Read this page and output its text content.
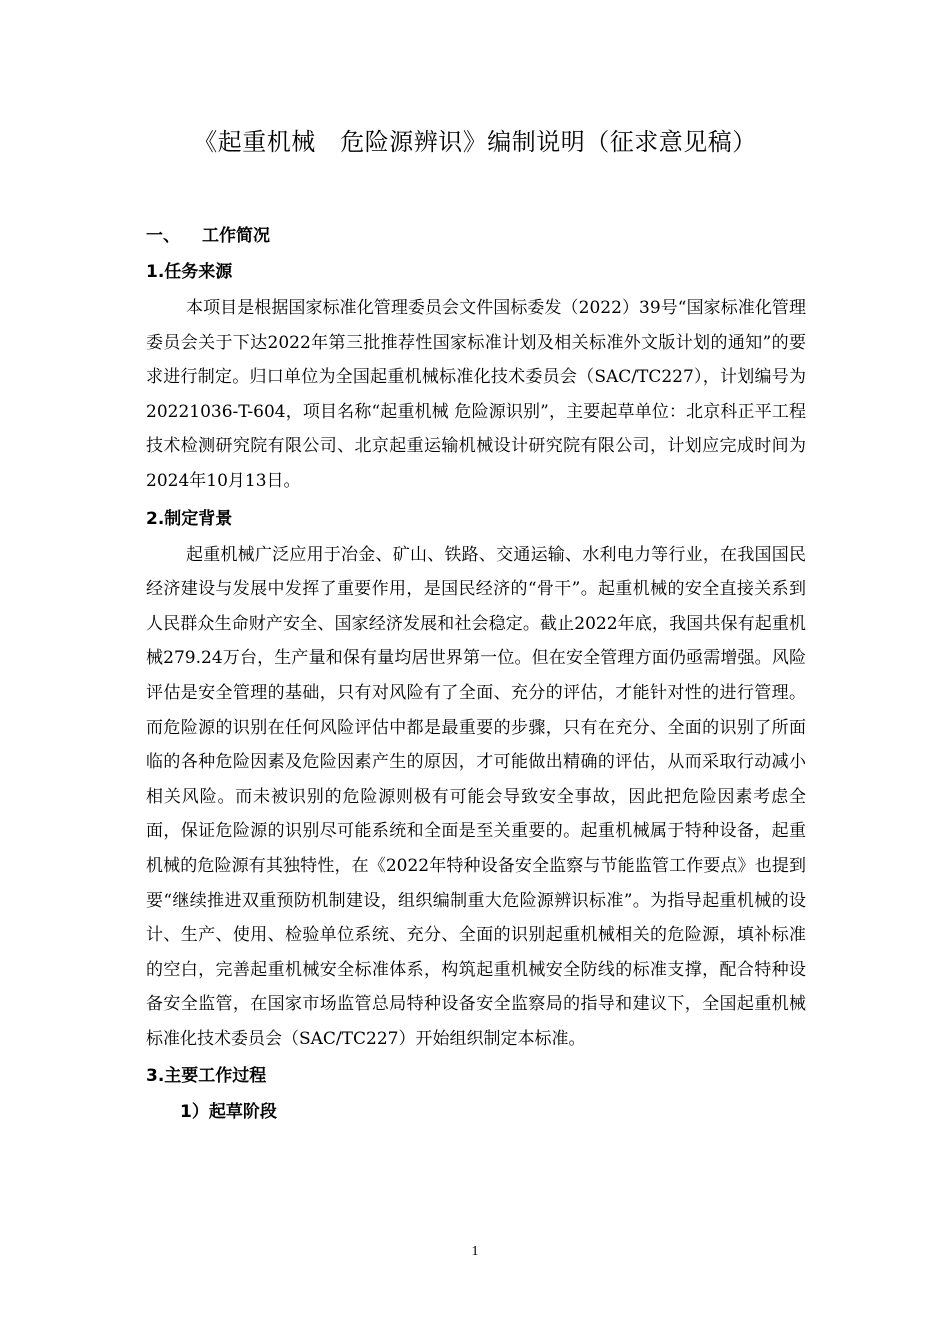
《起重机械　危险源辨识》编制说明（征求意见稿）
一、 工作简况
1.任务来源

本项目是根据国家标准化管理委员会文件国标委发（2022）39号“国家标准化管理委员会关于下达2022年第三批推荐性国家标准计划及相关标准外文版计划的通知”的要求进行制定。归口单位为全国起重机械标准化技术委员会（SAC/TC227），计划编号为20221036-T-604，项目名称“起重机械 危险源识别”，主要起草单位：北京科正平工程技术检测研究院有限公司、北京起重运输机械设计研究院有限公司，计划应完成时间为2024年10月13日。

2.制定背景

起重机械广泛应用于冶金、矿山、铁路、交通运输、水利电力等行业，在我国国民经济建设与发展中发挥了重要作用，是国民经济的“骨干”。起重机械的安全直接关系到人民群众生命财产安全、国家经济发展和社会稳定。截止2022年底，我国共保有起重机械279.24万台，生产量和保有量均居世界第一位。但在安全管理方面仍亟需增强。风险评估是安全管理的基础，只有对风险有了全面、充分的评估，才能针对性的进行管理。而危险源的识别在任何风险评估中都是最重要的步骤，只有在充分、全面的识别了所面临的各种危险因素及危险因素产生的原因，才可能做出精确的评估，从而采取行动减小相关风险。而未被识别的危险源则极有可能会导致安全事故，因此把危险因素考虑全面，保证危险源的识别尽可能系统和全面是至关重要的。起重机械属于特种设备，起重机械的危险源有其独特性，在《2022年特种设备安全监察与节能监管工作要点》也提到要“继续推进双重预防机制建设，组织编制重大危险源辨识标准”。为指导起重机械的设计、生产、使用、检验单位系统、充分、全面的识别起重机械相关的危险源，填补标准的空白，完善起重机械安全标准体系，构筑起重机械安全防线的标准支撑，配合特种设备安全监管，在国家市场监管总局特种设备安全监察局的指导和建议下，全国起重机械标准化技术委员会（SAC/TC227）开始组织制定本标准。

3.主要工作过程
1）起草阶段
1
